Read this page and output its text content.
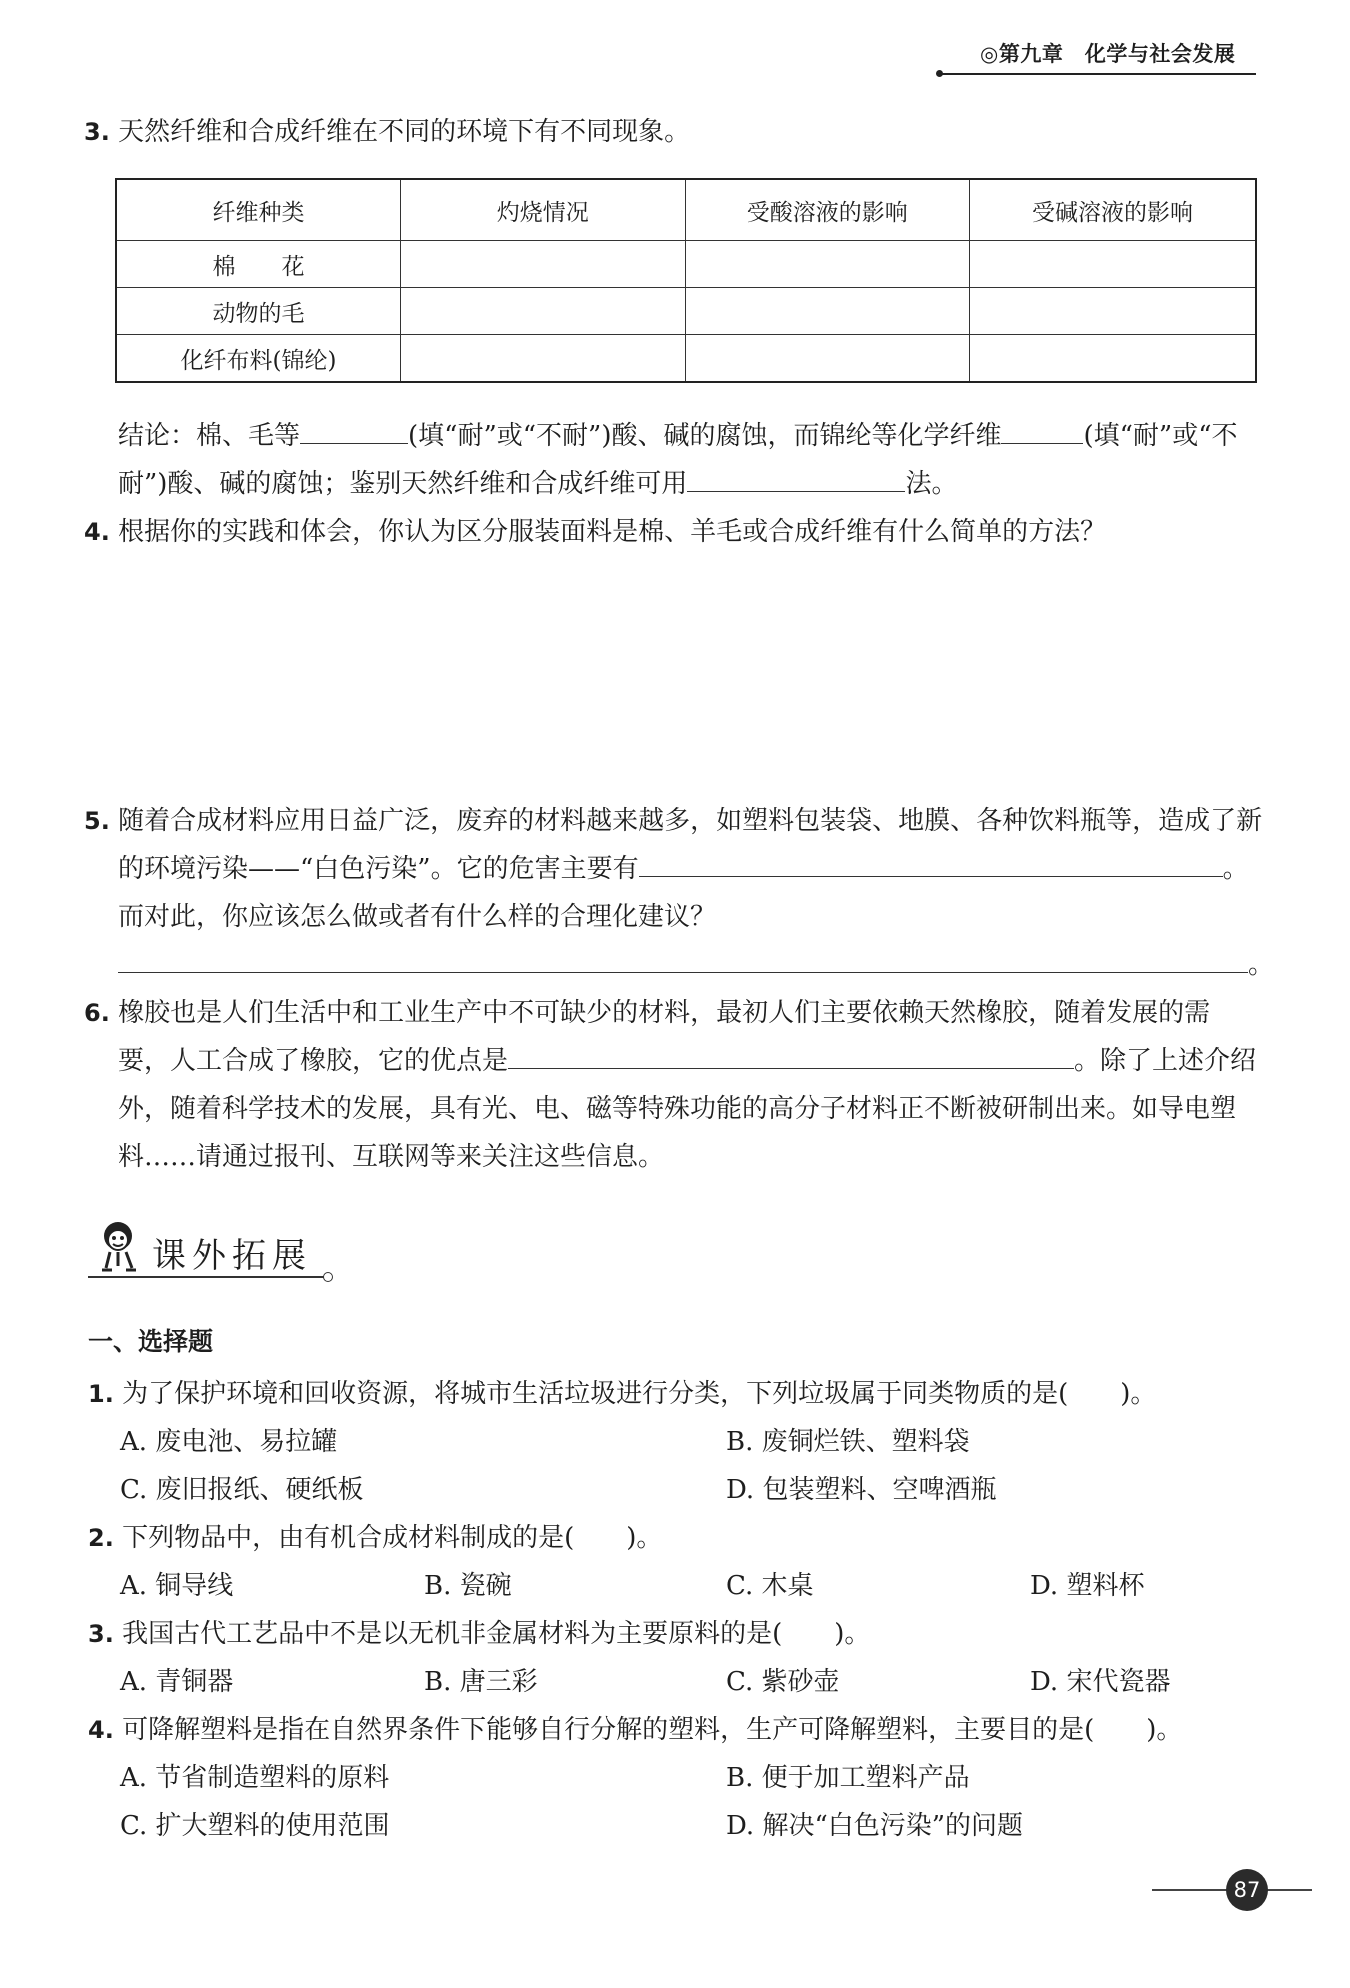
◎第九章　化学与社会发展
3. 天然纤维和合成纤维在不同的环境下有不同现象。
纤维种类	灼烧情况	受酸溶液的影响	受碱溶液的影响
棉　　花			
动物的毛			
化纤布料(锦纶)			
结论：棉、毛等	(填“耐”或“不耐”)酸、碱的腐蚀，而锦纶等化学纤维	(填“耐”或“不
耐”)酸、碱的腐蚀；鉴别天然纤维和合成纤维可用	法。
4. 根据你的实践和体会，你认为区分服装面料是棉、羊毛或合成纤维有什么简单的方法？
5. 随着合成材料应用日益广泛，废弃的材料越来越多，如塑料包装袋、地膜、各种饮料瓶等，造成了新
的环境污染——“白色污染”。它的危害主要有	。
而对此，你应该怎么做或者有什么样的合理化建议？
。
6. 橡胶也是人们生活中和工业生产中不可缺少的材料，最初人们主要依赖天然橡胶，随着发展的需
要，人工合成了橡胶，它的优点是	。除了上述介绍
外，随着科学技术的发展，具有光、电、磁等特殊功能的高分子材料正不断被研制出来。如导电塑
料……请通过报刊、互联网等来关注这些信息。
课外拓展
一、选择题
1. 为了保护环境和回收资源，将城市生活垃圾进行分类，下列垃圾属于同类物质的是(　　)。
A. 废电池、易拉罐	B. 废铜烂铁、塑料袋
C. 废旧报纸、硬纸板	D. 包装塑料、空啤酒瓶
2. 下列物品中，由有机合成材料制成的是(　　)。
A. 铜导线	B. 瓷碗	C. 木桌	D. 塑料杯
3. 我国古代工艺品中不是以无机非金属材料为主要原料的是(　　)。
A. 青铜器	B. 唐三彩	C. 紫砂壶	D. 宋代瓷器
4. 可降解塑料是指在自然界条件下能够自行分解的塑料，生产可降解塑料，主要目的是(　　)。
A. 节省制造塑料的原料	B. 便于加工塑料产品
C. 扩大塑料的使用范围	D. 解决“白色污染”的问题
87
